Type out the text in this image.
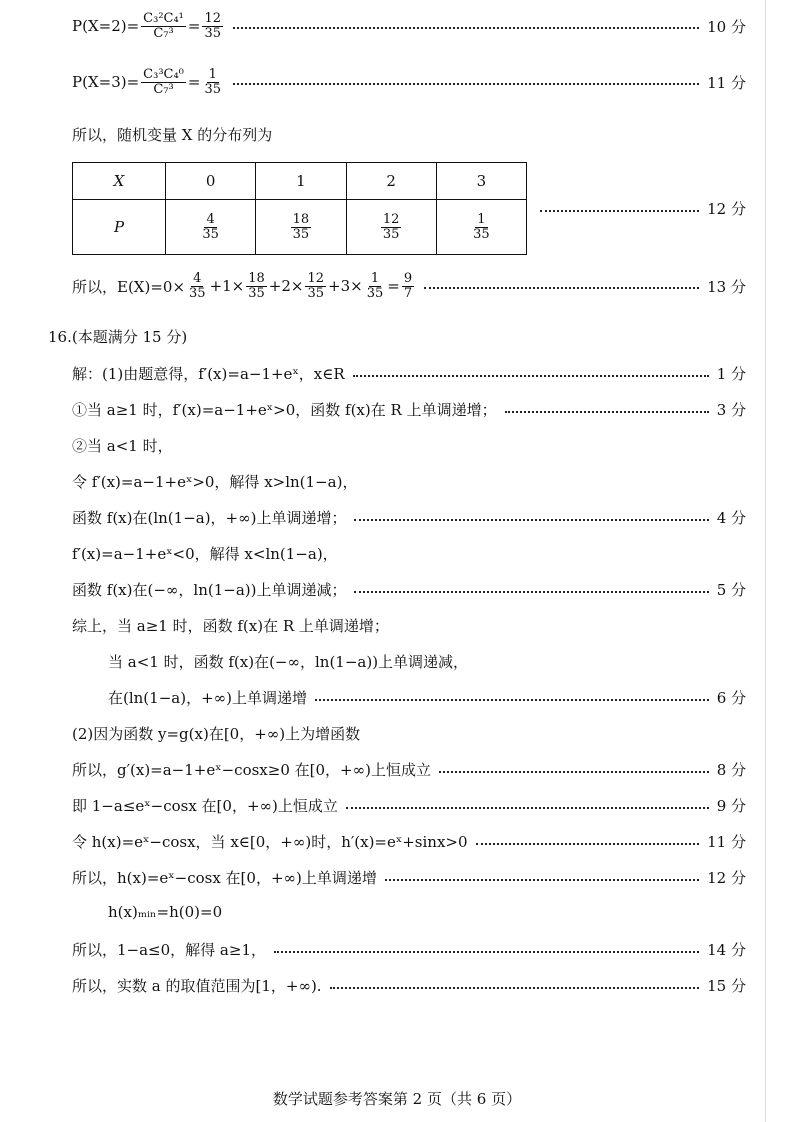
$P(X=2)= \frac{\text{C₃²C₄¹}}{\text{C₇³}} = \frac{12}{35}$	10 分
$P(X=3)= \frac{\text{C₃³C₄⁰}}{\text{C₇³}} = \frac{1}{35}$	11 分
所以，随机变量 X 的分布列为
X	0	1	2	3
P	$\frac{4}{35}$	$\frac{18}{35}$	$\frac{12}{35}$	$\frac{1}{35}$
12 分
所以，$E(X)=0\times \frac{4}{35} +1\times \frac{18}{35} +2\times \frac{12}{35} +3\times \frac{1}{35} = \frac{9}{7}$	13 分
16.(本题满分 15 分)
解：(1)由题意得，f′(x)=a−1+eˣ，x∈R	1 分
①当 a≥1 时，f′(x)=a−1+eˣ>0，函数 f(x)在 R 上单调递增；	3 分
②当 a<1 时，
令 f′(x)=a−1+eˣ>0，解得 x>ln(1−a)，
函数 f(x)在(ln(1−a)，+∞)上单调递增；	4 分
f′(x)=a−1+eˣ<0，解得 x<ln(1−a)，
函数 f(x)在(−∞，ln(1−a))上单调递减；	5 分
综上，当 a≥1 时，函数 f(x)在 R 上单调递增；
当 a<1 时，函数 f(x)在(−∞，ln(1−a))上单调递减，
在(ln(1−a)，+∞)上单调递增	6 分
(2)因为函数 y=g(x)在[0，+∞)上为增函数
所以，g′(x)=a−1+eˣ−cosx≥0 在[0，+∞)上恒成立	8 分
即 1−a≤eˣ−cosx 在[0，+∞)上恒成立	9 分
令 h(x)=eˣ−cosx，当 x∈[0，+∞)时，h′(x)=eˣ+sinx>0	11 分
所以，h(x)=eˣ−cosx 在[0，+∞)上单调递增	12 分
h(x)ₘᵢₙ=h(0)=0
所以，1−a≤0，解得 a≥1，	14 分
所以，实数 a 的取值范围为[1，+∞).	15 分
数学试题参考答案第 2 页（共 6 页）
